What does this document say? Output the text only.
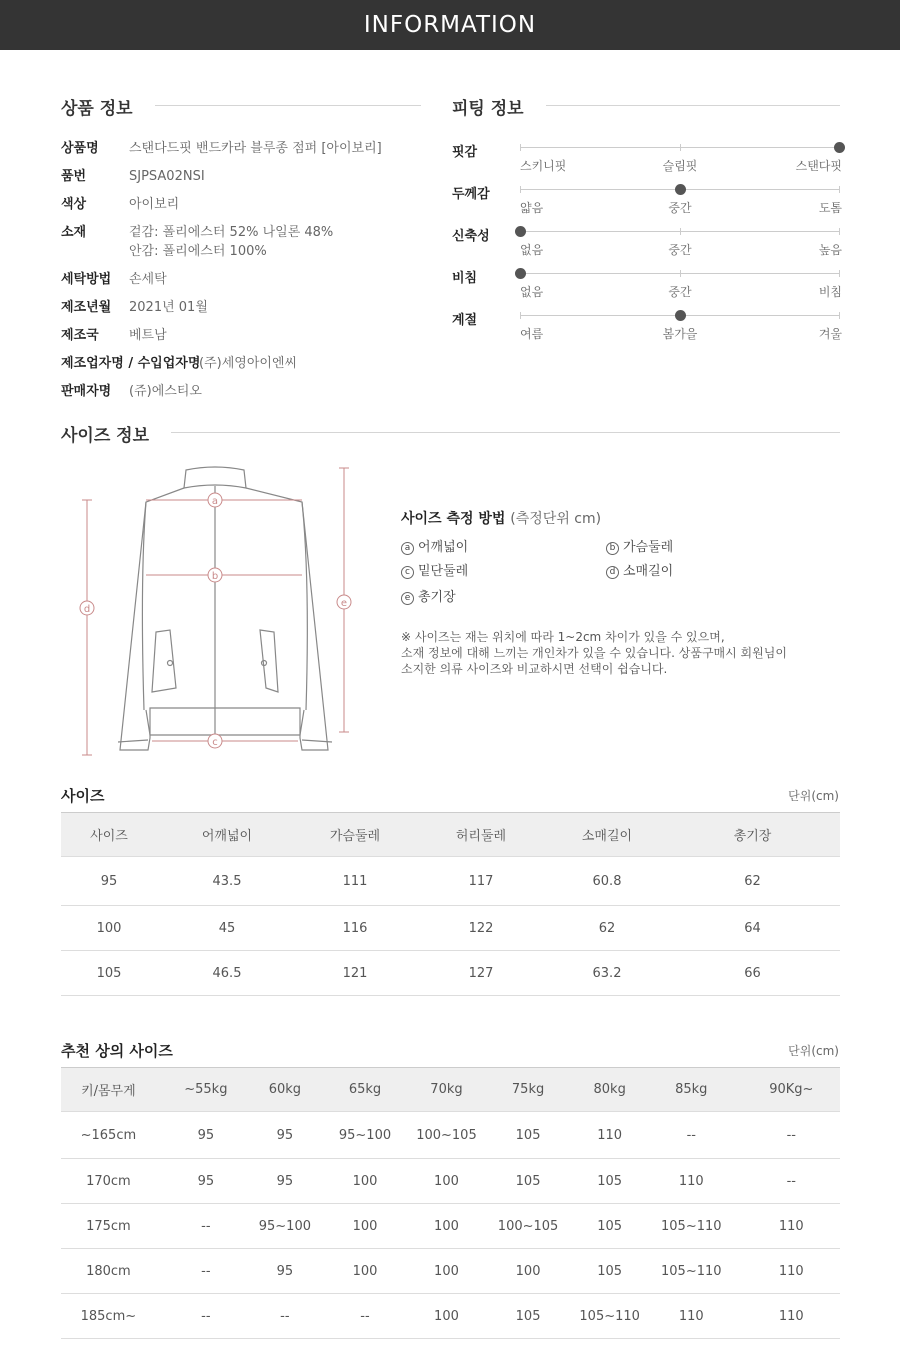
INFORMATION
상품 정보
상품명 스탠다드핏 밴드카라 블루종 점퍼 [아이보리]
품번	SJPSA02NSI
색상	아이보리
소재	겉감: 폴리에스터 52% 나일론 48%
안감: 폴리에스터 100%
세탁방법 손세탁
제조년월 2021년 01월
제조국 베트남
제조업자명 / 수입업자명
(주)세영아이엔씨
판매자명 (쥬)에스티오
피팅 정보
핏감
스키니핏	슬림핏	스탠다핏
두께감
얇음	중간	도톰
신축성
없음	중간	높음
비침
없음	중간	비침
계절
여름	봄가을	겨울
사이즈 정보
a
b
c
d
e
사이즈 측정 방법 (측정단위 cm)
a 어깨넓이	b 가슴둘레
c 밑단둘레	d 소매길이
e 총기장
※ 사이즈는 재는 위치에 따라 1~2cm 차이가 있을 수 있으며,
소재 정보에 대해 느끼는 개인차가 있을 수 있습니다. 상품구매시 회원님이
소지한 의류 사이즈와 비교하시면 선택이 쉽습니다.
사이즈	단위(cm)
사이즈	어깨넓이	가슴둘레	허리둘레	소매길이	총기장
95	43.5	111	117	60.8	62
100	45	116	122	62	64
105	46.5	121	127	63.2	66
추천 상의 사이즈	단위(cm)
키/몸무게	~55kg	60kg	65kg	70kg	75kg	80kg	85kg	90Kg~
~165cm	95	95	95~100	100~105	105	110	--	--
170cm	95	95	100	100	105	105	110	--
175cm	--	95~100	100	100	100~105	105	105~110	110
180cm	--	95	100	100	100	105	105~110	110
185cm~	--	--	--	100	105	105~110	110	110
